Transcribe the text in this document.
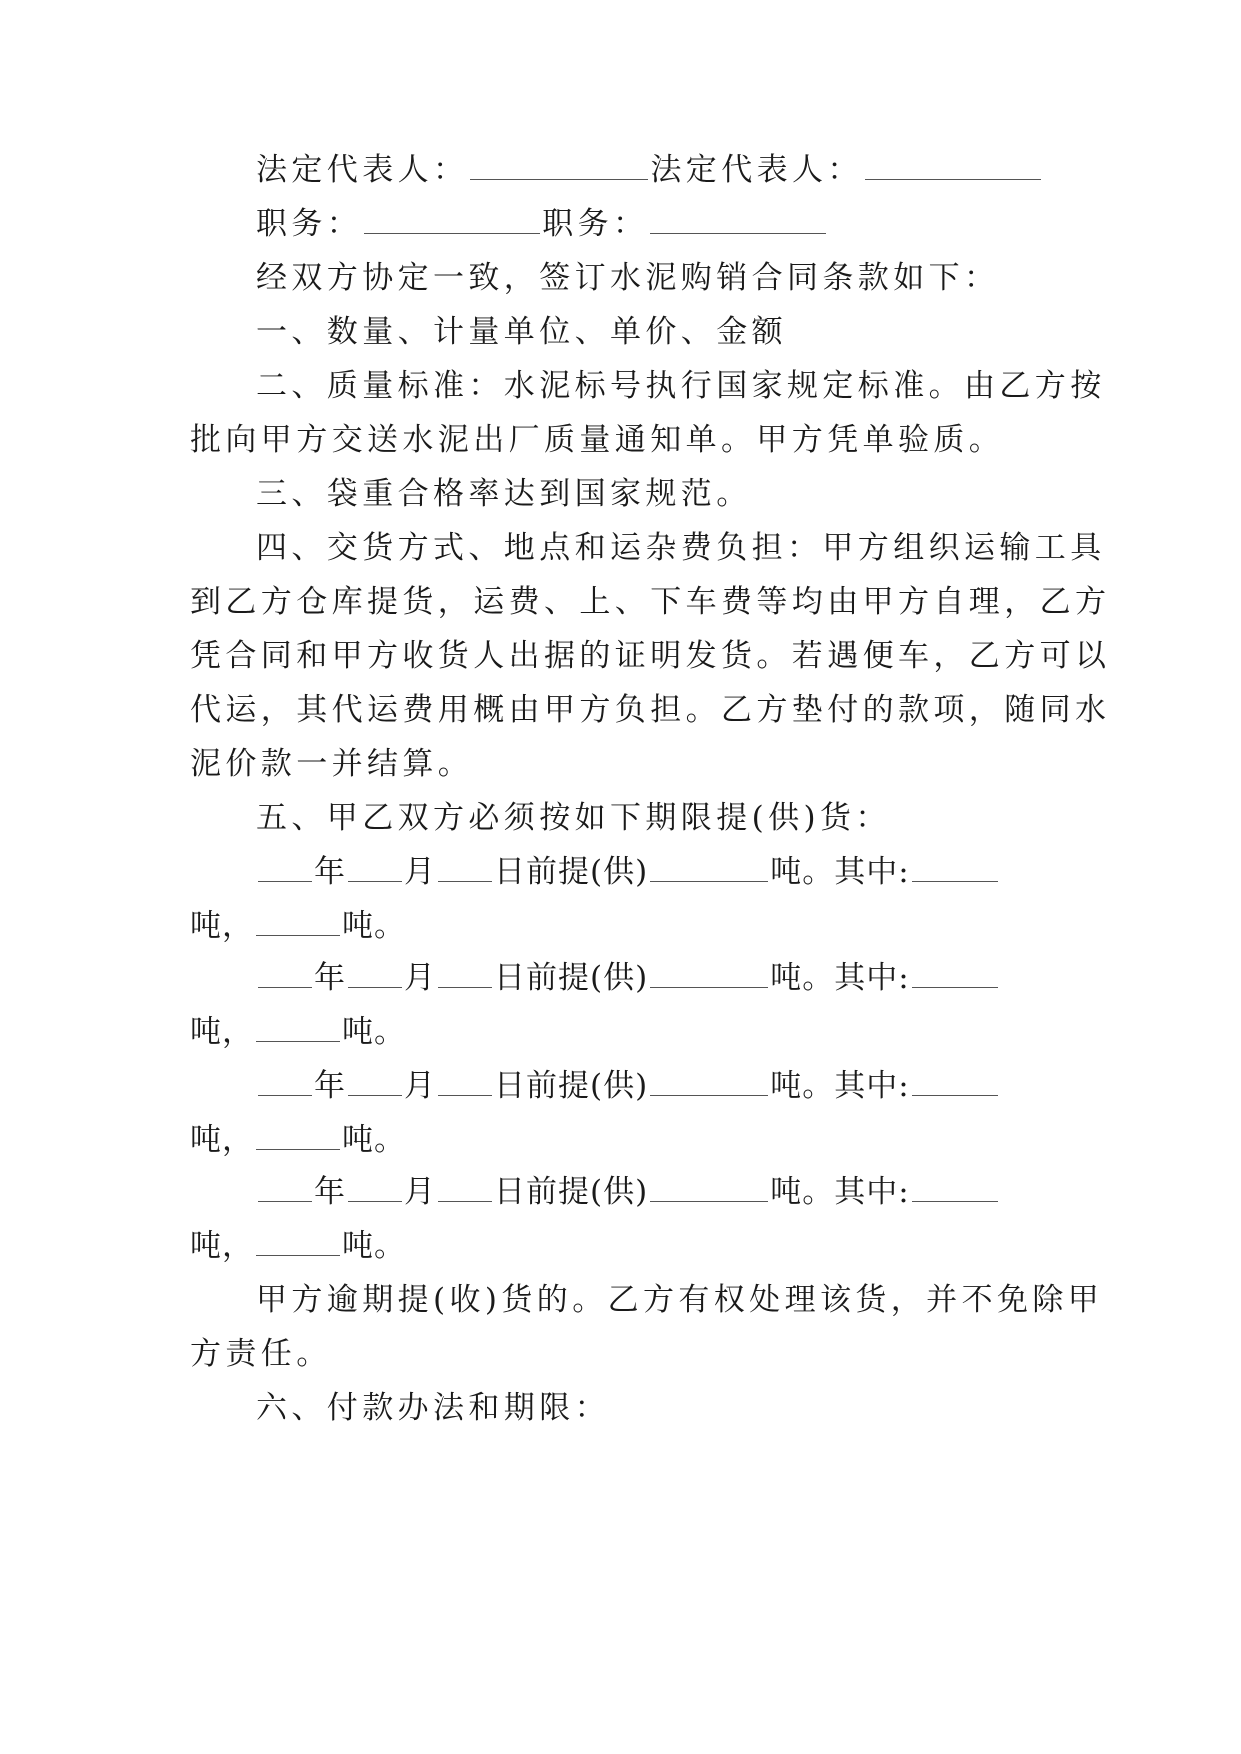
法定代表人：	法定代表人：
职务：	职务：
经双方协定一致，签订水泥购销合同条款如下：
一、数量、计量单位、单价、金额
二、质量标准：水泥标号执行国家规定标准。由乙方按
批向甲方交送水泥出厂质量通知单。甲方凭单验质。
三、袋重合格率达到国家规范。
四、交货方式、地点和运杂费负担：甲方组织运输工具
到乙方仓库提货，运费、上、下车费等均由甲方自理，乙方
凭合同和甲方收货人出据的证明发货。若遇便车，乙方可以
代运，其代运费用概由甲方负担。乙方垫付的款项，随同水
泥价款一并结算。
五、甲乙双方必须按如下期限提(供)货：
年 月 日前提(供)	吨。其中:
吨，	吨。
年 月 日前提(供)	吨。其中:
吨，	吨。
年 月 日前提(供)	吨。其中:
吨，	吨。
年 月 日前提(供)	吨。其中:
吨，	吨。
甲方逾期提(收)货的。乙方有权处理该货，并不免除甲
方责任。
六、付款办法和期限：
